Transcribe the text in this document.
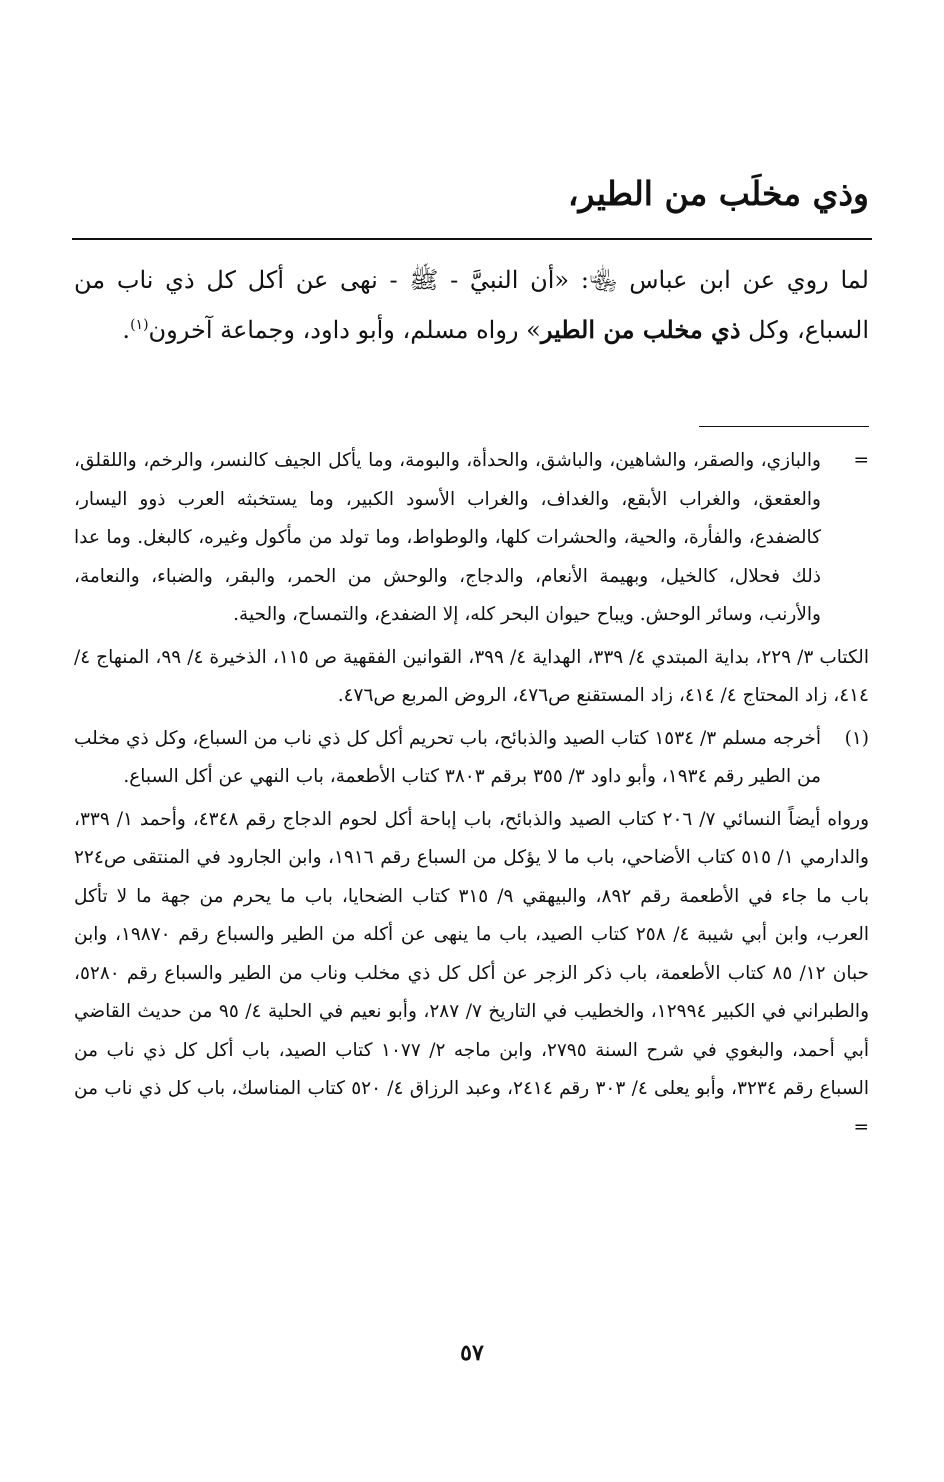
وذي مخلَب من الطير،
لما روي عن ابن عباس ﵄: «أن النبيَّ - ﷺ - نهى عن أكل كل ذي ناب من السباع، وكل ذي مخلب من الطير» رواه مسلم، وأبو داود، وجماعة آخرون$^{(١)}$.
=
والبازي، والصقر، والشاهين، والباشق، والحدأة، والبومة، وما يأكل الجيف كالنسر، والرخم، واللقلق، والعقعق، والغراب الأبقع، والغداف، والغراب الأسود الكبير، وما يستخبثه العرب ذوو اليسار، كالضفدع، والفأرة، والحية، والحشرات كلها، والوطواط، وما تولد من مأكول وغيره، كالبغل. وما عدا ذلك فحلال، كالخيل، وبهيمة الأنعام، والدجاج، والوحش من الحمر، والبقر، والضباء، والنعامة، والأرنب، وسائر الوحش. ويباح حيوان البحر كله، إلا الضفدع، والتمساح، والحية.
الكتاب ٣/ ٢٢٩، بداية المبتدي ٤/ ٣٣٩، الهداية ٤/ ٣٩٩، القوانين الفقهية ص ١١٥، الذخيرة ٤/ ٩٩، المنهاج ٤/ ٤١٤، زاد المحتاج ٤/ ٤١٤، زاد المستقنع ص٤٧٦، الروض المربع ص٤٧٦.
(١)
أخرجه مسلم ٣/ ١٥٣٤ كتاب الصيد والذبائح، باب تحريم أكل كل ذي ناب من السباع، وكل ذي مخلب من الطير رقم ١٩٣٤، وأبو داود ٣/ ٣٥٥ برقم ٣٨٠٣ كتاب الأطعمة، باب النهي عن أكل السباع.
ورواه أيضاً النسائي ٧/ ٢٠٦ كتاب الصيد والذبائح، باب إباحة أكل لحوم الدجاج رقم ٤٣٤٨، وأحمد ١/ ٣٣٩، والدارمي ١/ ٥١٥ كتاب الأضاحي، باب ما لا يؤكل من السباع رقم ١٩١٦، وابن الجارود في المنتقى ص٢٢٤ باب ما جاء في الأطعمة رقم ٨٩٢، والبيهقي ٩/ ٣١٥ كتاب الضحايا، باب ما يحرم من جهة ما لا تأكل العرب، وابن أبي شيبة ٤/ ٢٥٨ كتاب الصيد، باب ما ينهى عن أكله من الطير والسباع رقم ١٩٨٧٠، وابن حبان ١٢/ ٨٥ كتاب الأطعمة، باب ذكر الزجر عن أكل كل ذي مخلب وناب من الطير والسباع رقم ٥٢٨٠، والطبراني في الكبير ١٢٩٩٤، والخطيب في التاريخ ٧/ ٢٨٧، وأبو نعيم في الحلية ٤/ ٩٥ من حديث القاضي أبي أحمد، والبغوي في شرح السنة ٢٧٩٥، وابن ماجه ٢/ ١٠٧٧ كتاب الصيد، باب أكل كل ذي ناب من السباع رقم ٣٢٣٤، وأبو يعلى ٤/ ٣٠٣ رقم ٢٤١٤، وعبد الرزاق ٤/ ٥٢٠ كتاب المناسك، باب كل ذي ناب من =
٥٧
